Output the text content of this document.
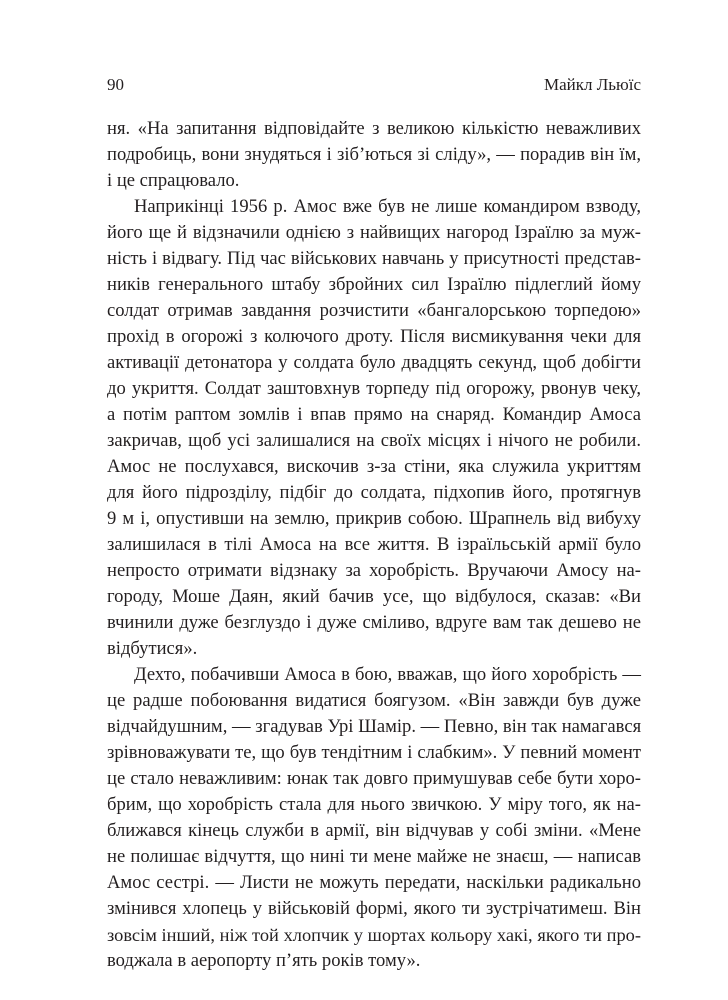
90	Майкл Льюїс
ня. «На запитання відповідайте з великою кількістю неважливих
подробиць, вони знудяться і зіб’ються зі сліду», — порадив він їм,
і це спрацювало.
Наприкінці 1956 р. Амос вже був не лише командиром взводу,
його ще й відзначили однією з найвищих нагород Ізраїлю за муж-
ність і відвагу. Під час військових навчань у присутності представ-
ників генерального штабу збройних сил Ізраїлю підлеглий йому
солдат отримав завдання розчистити «бангалорською торпедою»
прохід в огорожі з колючого дроту. Після висмикування чеки для
активації детонатора у солдата було двадцять секунд, щоб добігти
до укриття. Солдат заштовхнув торпеду під огорожу, рвонув чеку,
а потім раптом зомлів і впав прямо на снаряд. Командир Амоса
закричав, щоб усі залишалися на своїх місцях і нічого не робили.
Амос не послухався, вискочив з-за стіни, яка служила укриттям
для його підрозділу, підбіг до солдата, підхопив його, протягнув
9 м і, опустивши на землю, прикрив собою. Шрапнель від вибуху
залишилася в тілі Амоса на все життя. В ізраїльській армії було
непросто отримати відзнаку за хоробрість. Вручаючи Амосу на-
городу, Моше Даян, який бачив усе, що відбулося, сказав: «Ви
вчинили дуже безглуздо і дуже сміливо, вдруге вам так дешево не
відбутися».
Дехто, побачивши Амоса в бою, вважав, що його хоробрість —
це радше побоювання видатися боягузом. «Він завжди був дуже
відчайдушним, — згадував Урі Шамір. — Певно, він так намагався
зрівноважувати те, що був тендітним і слабким». У певний момент
це стало неважливим: юнак так довго примушував себе бути хоро-
брим, що хоробрість стала для нього звичкою. У міру того, як на-
ближався кінець служби в армії, він відчував у собі зміни. «Мене
не полишає відчуття, що нині ти мене майже не знаєш, — написав
Амос сестрі. — Листи не можуть передати, наскільки радикально
змінився хлопець у військовій формі, якого ти зустрічатимеш. Він
зовсім інший, ніж той хлопчик у шортах кольору хакі, якого ти про-
воджала в аеропорту п’ять років тому».
